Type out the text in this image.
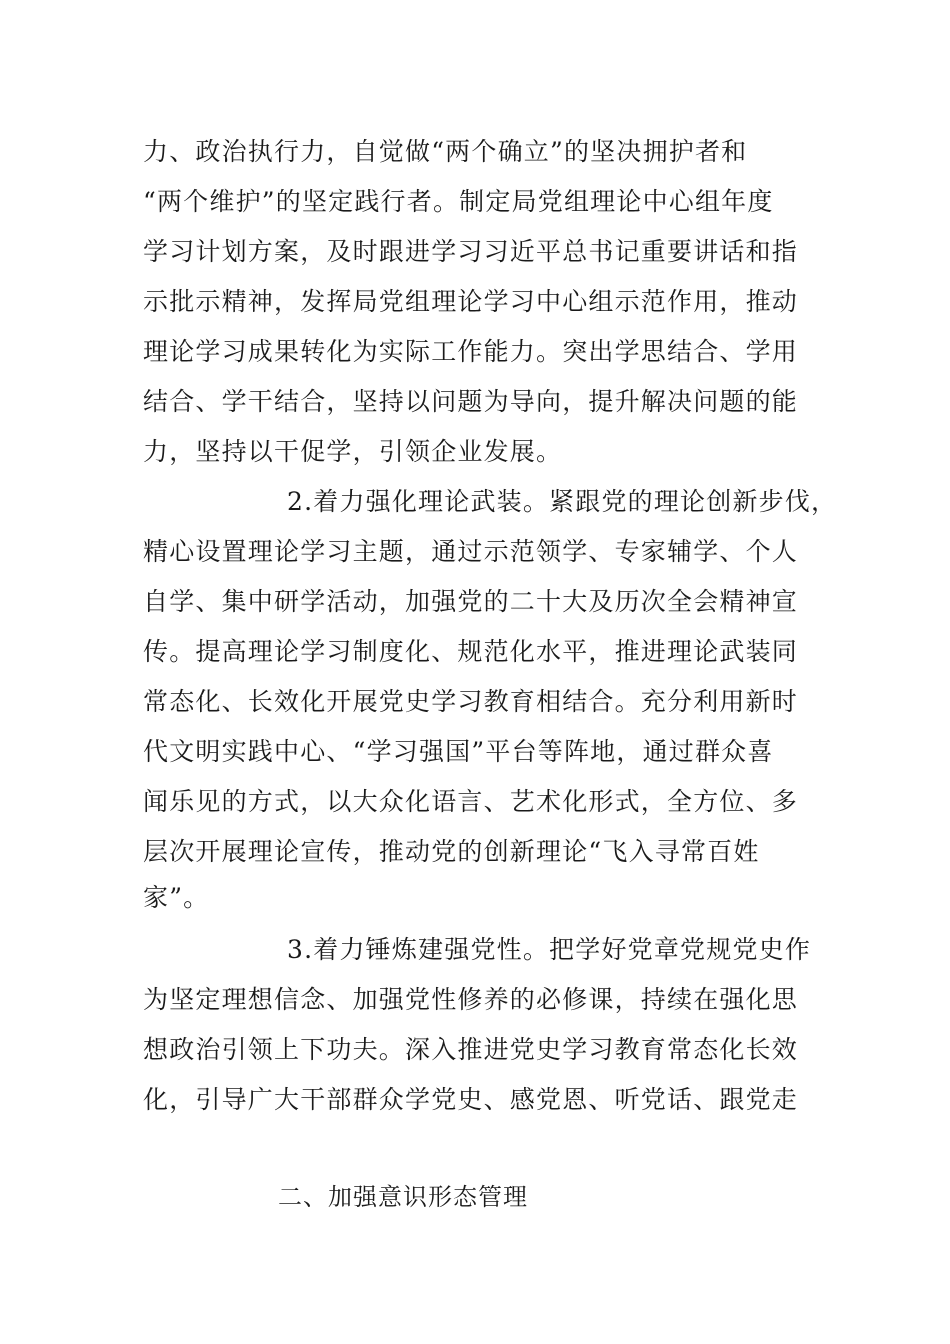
力、政治执行力，自觉做“两个确立”的坚决拥护者和
“两个维护”的坚定践行者。制定局党组理论中心组年度
学习计划方案，及时跟进学习习近平总书记重要讲话和指
示批示精神，发挥局党组理论学习中心组示范作用，推动
理论学习成果转化为实际工作能力。突出学思结合、学用
结合、学干结合，坚持以问题为导向，提升解决问题的能
力，坚持以干促学，引领企业发展。
2.着力强化理论武装。紧跟党的理论创新步伐，
精心设置理论学习主题，通过示范领学、专家辅学、个人
自学、集中研学活动，加强党的二十大及历次全会精神宣
传。提高理论学习制度化、规范化水平，推进理论武装同
常态化、长效化开展党史学习教育相结合。充分利用新时
代文明实践中心、“学习强国”平台等阵地，通过群众喜
闻乐见的方式，以大众化语言、艺术化形式，全方位、多
层次开展理论宣传，推动党的创新理论“飞入寻常百姓
家”。
3.着力锤炼建强党性。把学好党章党规党史作
为坚定理想信念、加强党性修养的必修课，持续在强化思
想政治引领上下功夫。深入推进党史学习教育常态化长效
化，引导广大干部群众学党史、感党恩、听党话、跟党走
二、加强意识形态管理
